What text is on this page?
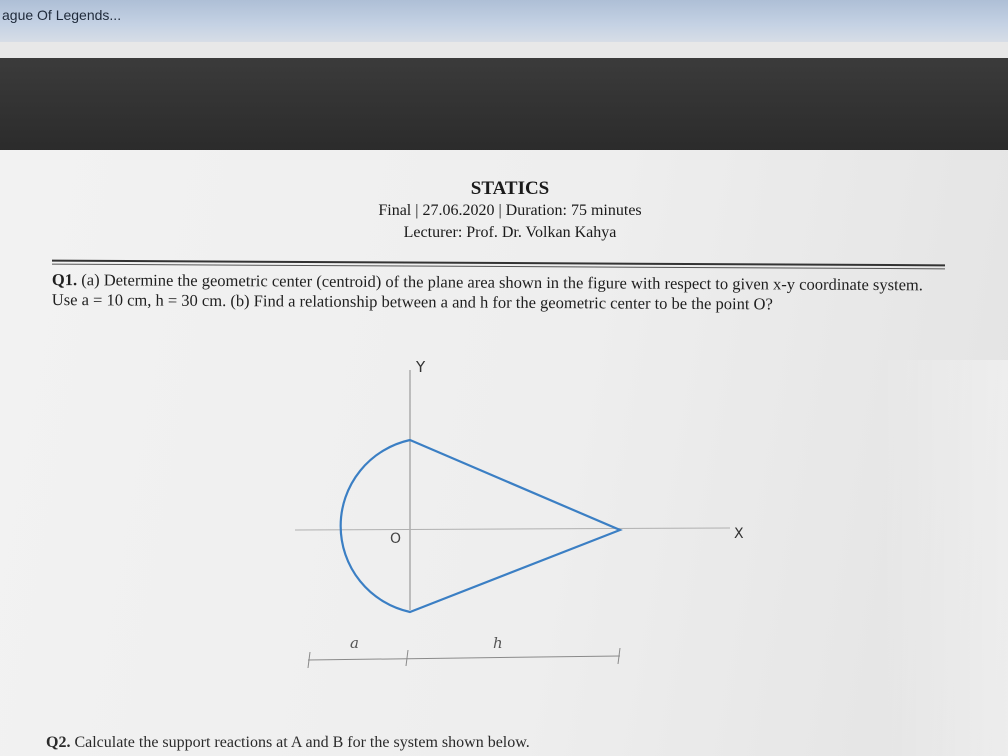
ague Of Legends...

STATICS

Final | 27.06.2020 | Duration: 75 minutes

Lecturer: Prof. Dr. Volkan Kahya

Q1. (a) Determine the geometric center (centroid) of the plane area shown in the figure with respect to given x-y coordinate system. Use a = 10 cm, h = 30 cm. (b) Find a relationship between a and h for the geometric center to be the point O?
Y
X
O
a	h
Q2. Calculate the support reactions at A and B for the system shown below.
